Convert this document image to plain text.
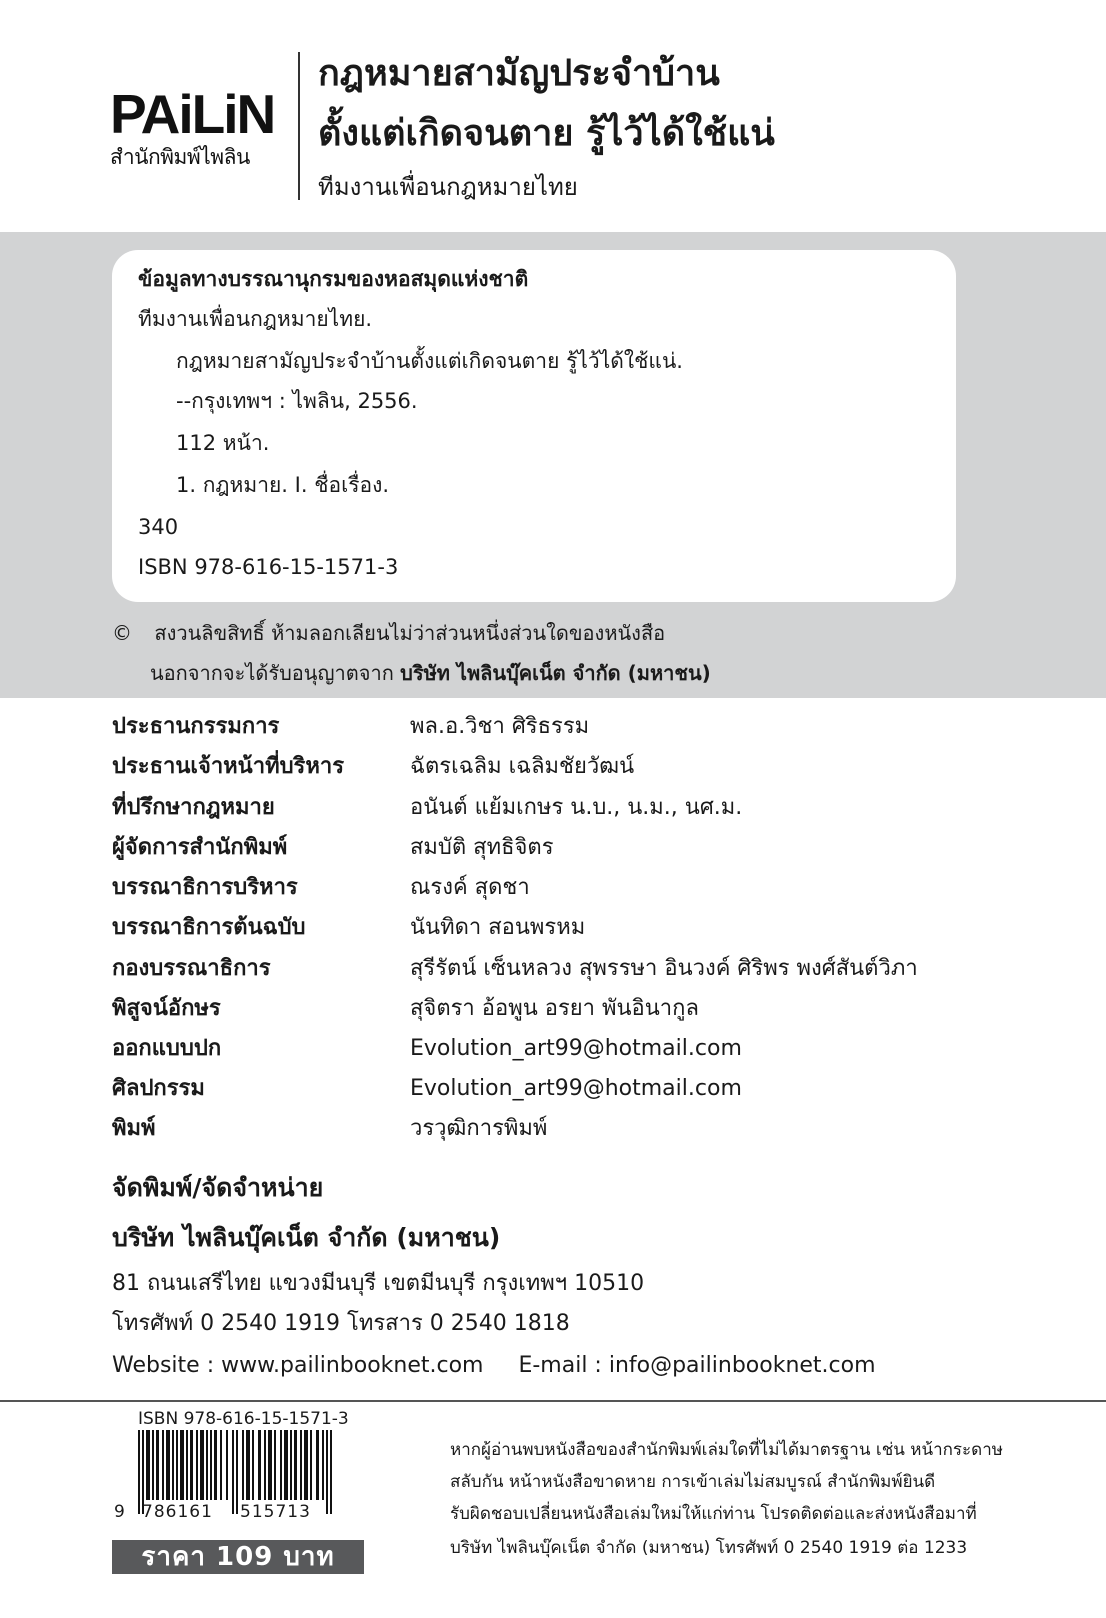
PAiLiN
สำนักพิมพ์ไพลิน
กฎหมายสามัญประจำบ้าน
ตั้งแต่เกิดจนตาย รู้ไว้ได้ใช้แน่
ทีมงานเพื่อนกฎหมายไทย
ข้อมูลทางบรรณานุกรมของหอสมุดแห่งชาติ
ทีมงานเพื่อนกฎหมายไทย.
กฎหมายสามัญประจำบ้านตั้งแต่เกิดจนตาย รู้ไว้ได้ใช้แน่.
--กรุงเทพฯ : ไพลิน, 2556.
112 หน้า.
1. กฎหมาย. I. ชื่อเรื่อง.
340
ISBN 978-616-15-1571-3
© สงวนลิขสิทธิ์ ห้ามลอกเลียนไม่ว่าส่วนหนึ่งส่วนใดของหนังสือ
นอกจากจะได้รับอนุญาตจาก บริษัท ไพลินบุ๊คเน็ต จำกัด (มหาชน)
ประธานกรรมการ	พล.อ.วิชา ศิริธรรม
ประธานเจ้าหน้าที่บริหาร	ฉัตรเฉลิม เฉลิมชัยวัฒน์
ที่ปรึกษากฎหมาย	อนันต์ แย้มเกษร น.บ., น.ม., นศ.ม.
ผู้จัดการสำนักพิมพ์	สมบัติ สุทธิจิตร
บรรณาธิการบริหาร	ณรงค์ สุดชา
บรรณาธิการต้นฉบับ	นันทิดา สอนพรหม
กองบรรณาธิการ	สุรีรัตน์ เซ็นหลวง สุพรรษา อินวงค์ ศิริพร พงศ์สันต์วิภา
พิสูจน์อักษร	สุจิตรา อ้อพูน อรยา พันอินากูล
ออกแบบปก	Evolution_art99@hotmail.com
ศิลปกรรม	Evolution_art99@hotmail.com
พิมพ์	วรวุฒิการพิมพ์
จัดพิมพ์/จัดจำหน่าย
บริษัท ไพลินบุ๊คเน็ต จำกัด (มหาชน)
81 ถนนเสรีไทย แขวงมีนบุรี เขตมีนบุรี กรุงเทพฯ 10510
โทรศัพท์ 0 2540 1919 โทรสาร 0 2540 1818
Website : www.pailinbooknet.com     E-mail : info@pailinbooknet.com
ISBN 978-616-15-1571-3
9 786161 515713
ราคา 109 บาท
หากผู้อ่านพบหนังสือของสำนักพิมพ์เล่มใดที่ไม่ได้มาตรฐาน เช่น หน้ากระดาษ
สลับกัน หน้าหนังสือขาดหาย การเข้าเล่มไม่สมบูรณ์ สำนักพิมพ์ยินดี
รับผิดชอบเปลี่ยนหนังสือเล่มใหม่ให้แก่ท่าน โปรดติดต่อและส่งหนังสือมาที่
บริษัท ไพลินบุ๊คเน็ต จำกัด (มหาชน) โทรศัพท์ 0 2540 1919 ต่อ 1233
